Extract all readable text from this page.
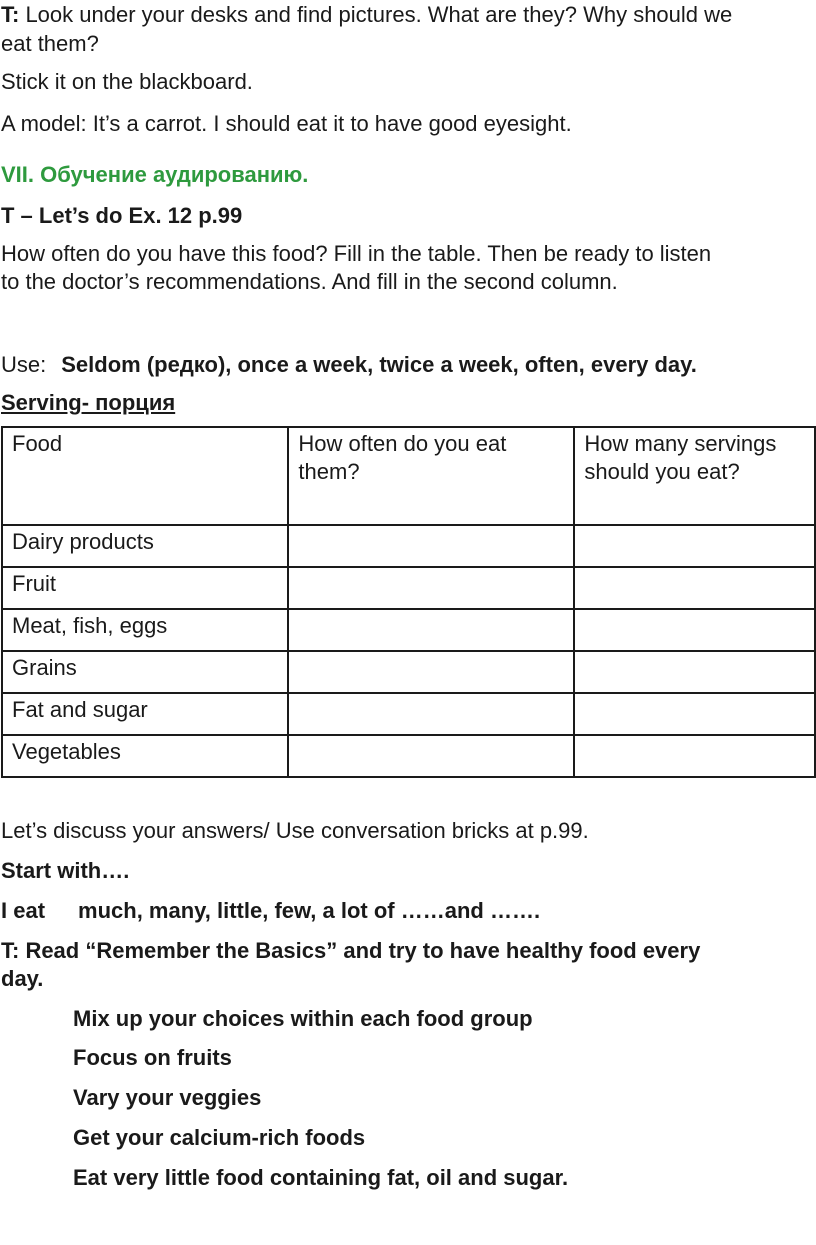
T: Look under your desks and find pictures. What are they? Why should we
eat them?
Stick it on the blackboard.
A model: It’s a carrot. I should eat it to have good eyesight.
VII. Обучение аудированию.
T – Let’s do Ex. 12 p.99
How often do you have this food? Fill in the table. Then be ready to listen
to the doctor’s recommendations. And fill in the second column.
Use: Seldom (редко), once a week, twice a week, often, every day.
Serving- порция
Food	How often do you eat them?	How many servings should you eat?
Dairy products		
Fruit		
Meat, fish, eggs		
Grains		
Fat and sugar		
Vegetables		
Let’s discuss your answers/ Use conversation bricks at p.99.
Start with….
I eat much, many, little, few, a lot of ……and …….
T: Read “Remember the Basics” and try to have healthy food every
day.
Mix up your choices within each food group
Focus on fruits
Vary your veggies
Get your calcium-rich foods
Eat very little food containing fat, oil and sugar.
